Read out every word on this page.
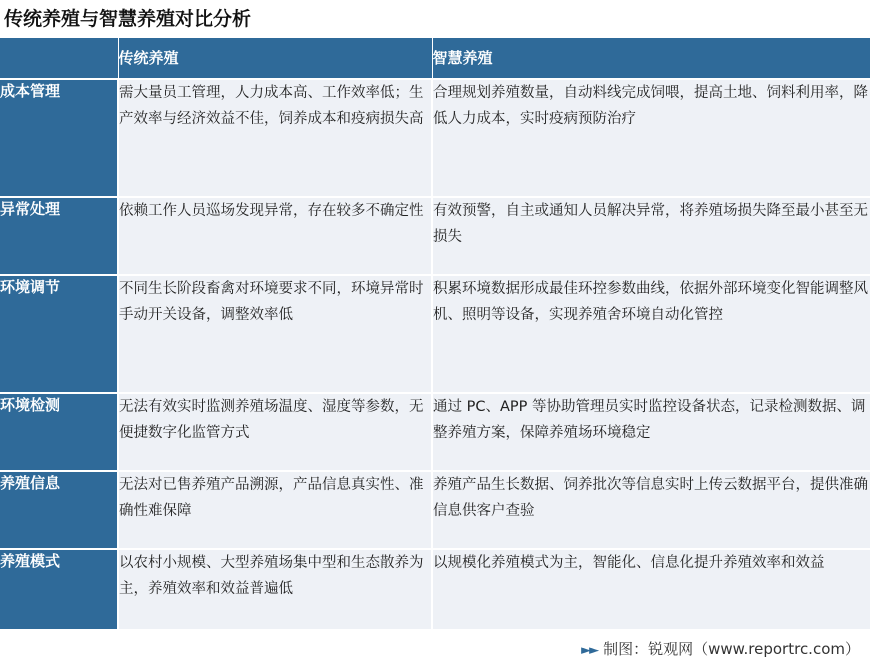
传统养殖与智慧养殖对比分析
	传统养殖	智慧养殖
成本管理	需大量员工管理，人力成本高、工作效率低；生产效率与经济效益不佳，饲养成本和疫病损失高	合理规划养殖数量，自动料线完成饲喂，提高土地、饲料利用率，降低人力成本，实时疫病预防治疗
异常处理	依赖工作人员巡场发现异常，存在较多不确定性	有效预警，自主或通知人员解决异常，将养殖场损失降至最小甚至无损失
环境调节	不同生长阶段畜禽对环境要求不同，环境异常时手动开关设备，调整效率低	积累环境数据形成最佳环控参数曲线，依据外部环境变化智能调整风机、照明等设备，实现养殖舍环境自动化管控
环境检测	无法有效实时监测养殖场温度、湿度等参数，无便捷数字化监管方式	通过 PC、APP 等协助管理员实时监控设备状态，记录检测数据、调整养殖方案，保障养殖场环境稳定
养殖信息	无法对已售养殖产品溯源，产品信息真实性、准确性难保障	养殖产品生长数据、饲养批次等信息实时上传云数据平台，提供准确信息供客户查验
养殖模式	以农村小规模、大型养殖场集中型和生态散养为主，养殖效率和效益普遍低	以规模化养殖模式为主，智能化、信息化提升养殖效率和效益
►► 制图：锐观网（www.reportrc.com）
